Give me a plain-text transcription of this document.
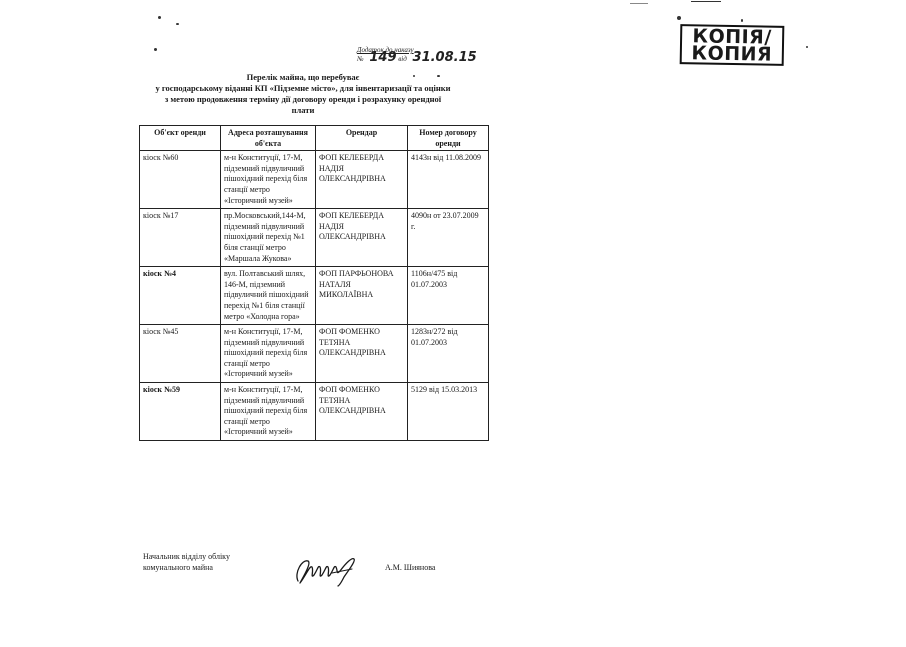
КОПІЯ/
КОПИЯ
Додаток до наказу
№ 149 від 31.08.15
Перелік майна, що перебуває
у господарському віданні КП «Підземне місто», для інвентаризації та оцінки
з метою продовження терміну дії договору оренди і розрахунку орендної
плати
Об'єкт оренди	Адреса розташування об'єкта	Орендар	Номер договору оренди
кіоск №60	м-н Конституції, 17-М, підземний підвуличний пішохідний перехід біля станції метро «Історичний музей»	ФОП КЕЛЕБЕРДА НАДІЯ ОЛЕКСАНДРІВНА	4143н від 11.08.2009
кіоск №17	пр.Московський,144-М, підземний підвуличний пішохідний перехід №1 біля станції метро «Маршала Жукова»	ФОП КЕЛЕБЕРДА НАДІЯ ОЛЕКСАНДРІВНА	4090н от 23.07.2009 г.
кіоск №4	вул. Полтавський шлях, 146-М, підземний підвуличний пішохідний перехід №1 біля станції метро «Холодна гора»	ФОП ПАРФЬОНОВА НАТАЛЯ МИКОЛАЇВНА	1106н/475 від 01.07.2003
кіоск №45	м-н Конституції, 17-М, підземний підвуличний пішохідний перехід біля станції метро «Історичний музей»	ФОП ФОМЕНКО ТЕТЯНА ОЛЕКСАНДРІВНА	1283н/272 від 01.07.2003
кіоск №59	м-н Конституції, 17-М, підземний підвуличний пішохідний перехід біля станції метро «Історичний музей»	ФОП ФОМЕНКО ТЕТЯНА ОЛЕКСАНДРІВНА	5129 від 15.03.2013
Начальник відділу обліку
комунального майна	А.М. Шиянова
